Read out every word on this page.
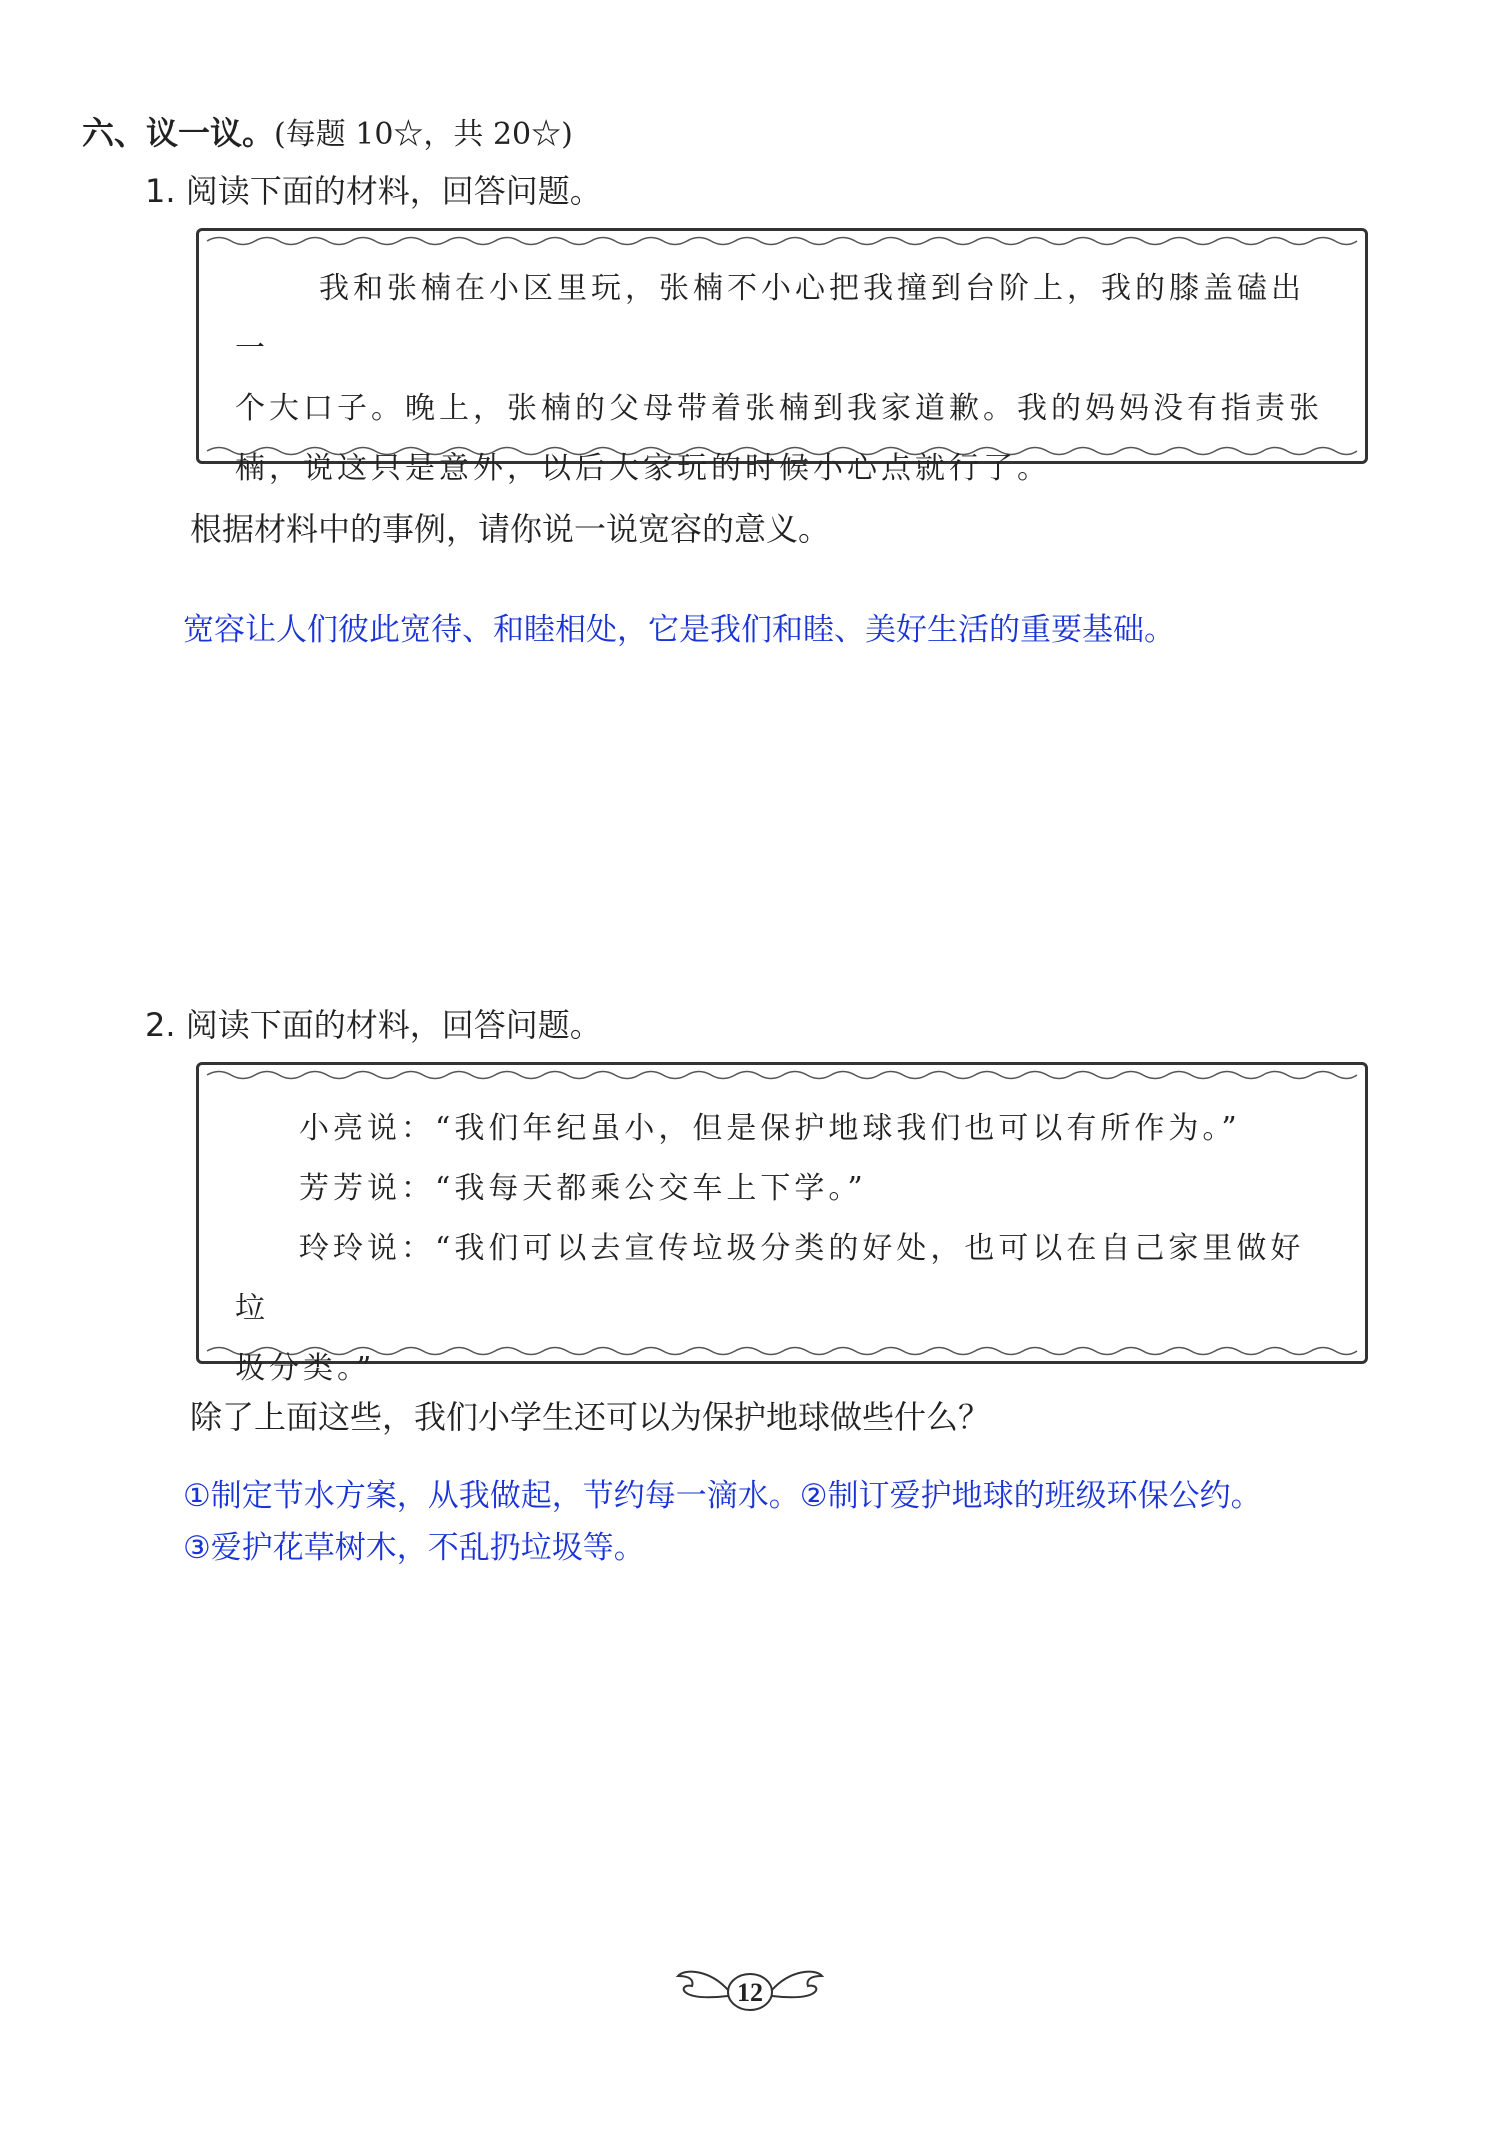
六、议一议。(每题 10☆，共 20☆)
1. 阅读下面的材料，回答问题。
我和张楠在小区里玩，张楠不小心把我撞到台阶上，我的膝盖磕出一
个大口子。晚上，张楠的父母带着张楠到我家道歉。我的妈妈没有指责张
楠，说这只是意外，以后大家玩的时候小心点就行了。
根据材料中的事例，请你说一说宽容的意义。
宽容让人们彼此宽待、和睦相处，它是我们和睦、美好生活的重要基础。
2. 阅读下面的材料，回答问题。
小亮说：“我们年纪虽小，但是保护地球我们也可以有所作为。”
芳芳说：“我每天都乘公交车上下学。”
玲玲说：“我们可以去宣传垃圾分类的好处，也可以在自己家里做好垃
圾分类。”
除了上面这些，我们小学生还可以为保护地球做些什么？
①制定节水方案，从我做起，节约每一滴水。②制订爱护地球的班级环保公约。
③爱护花草树木，不乱扔垃圾等。
12
